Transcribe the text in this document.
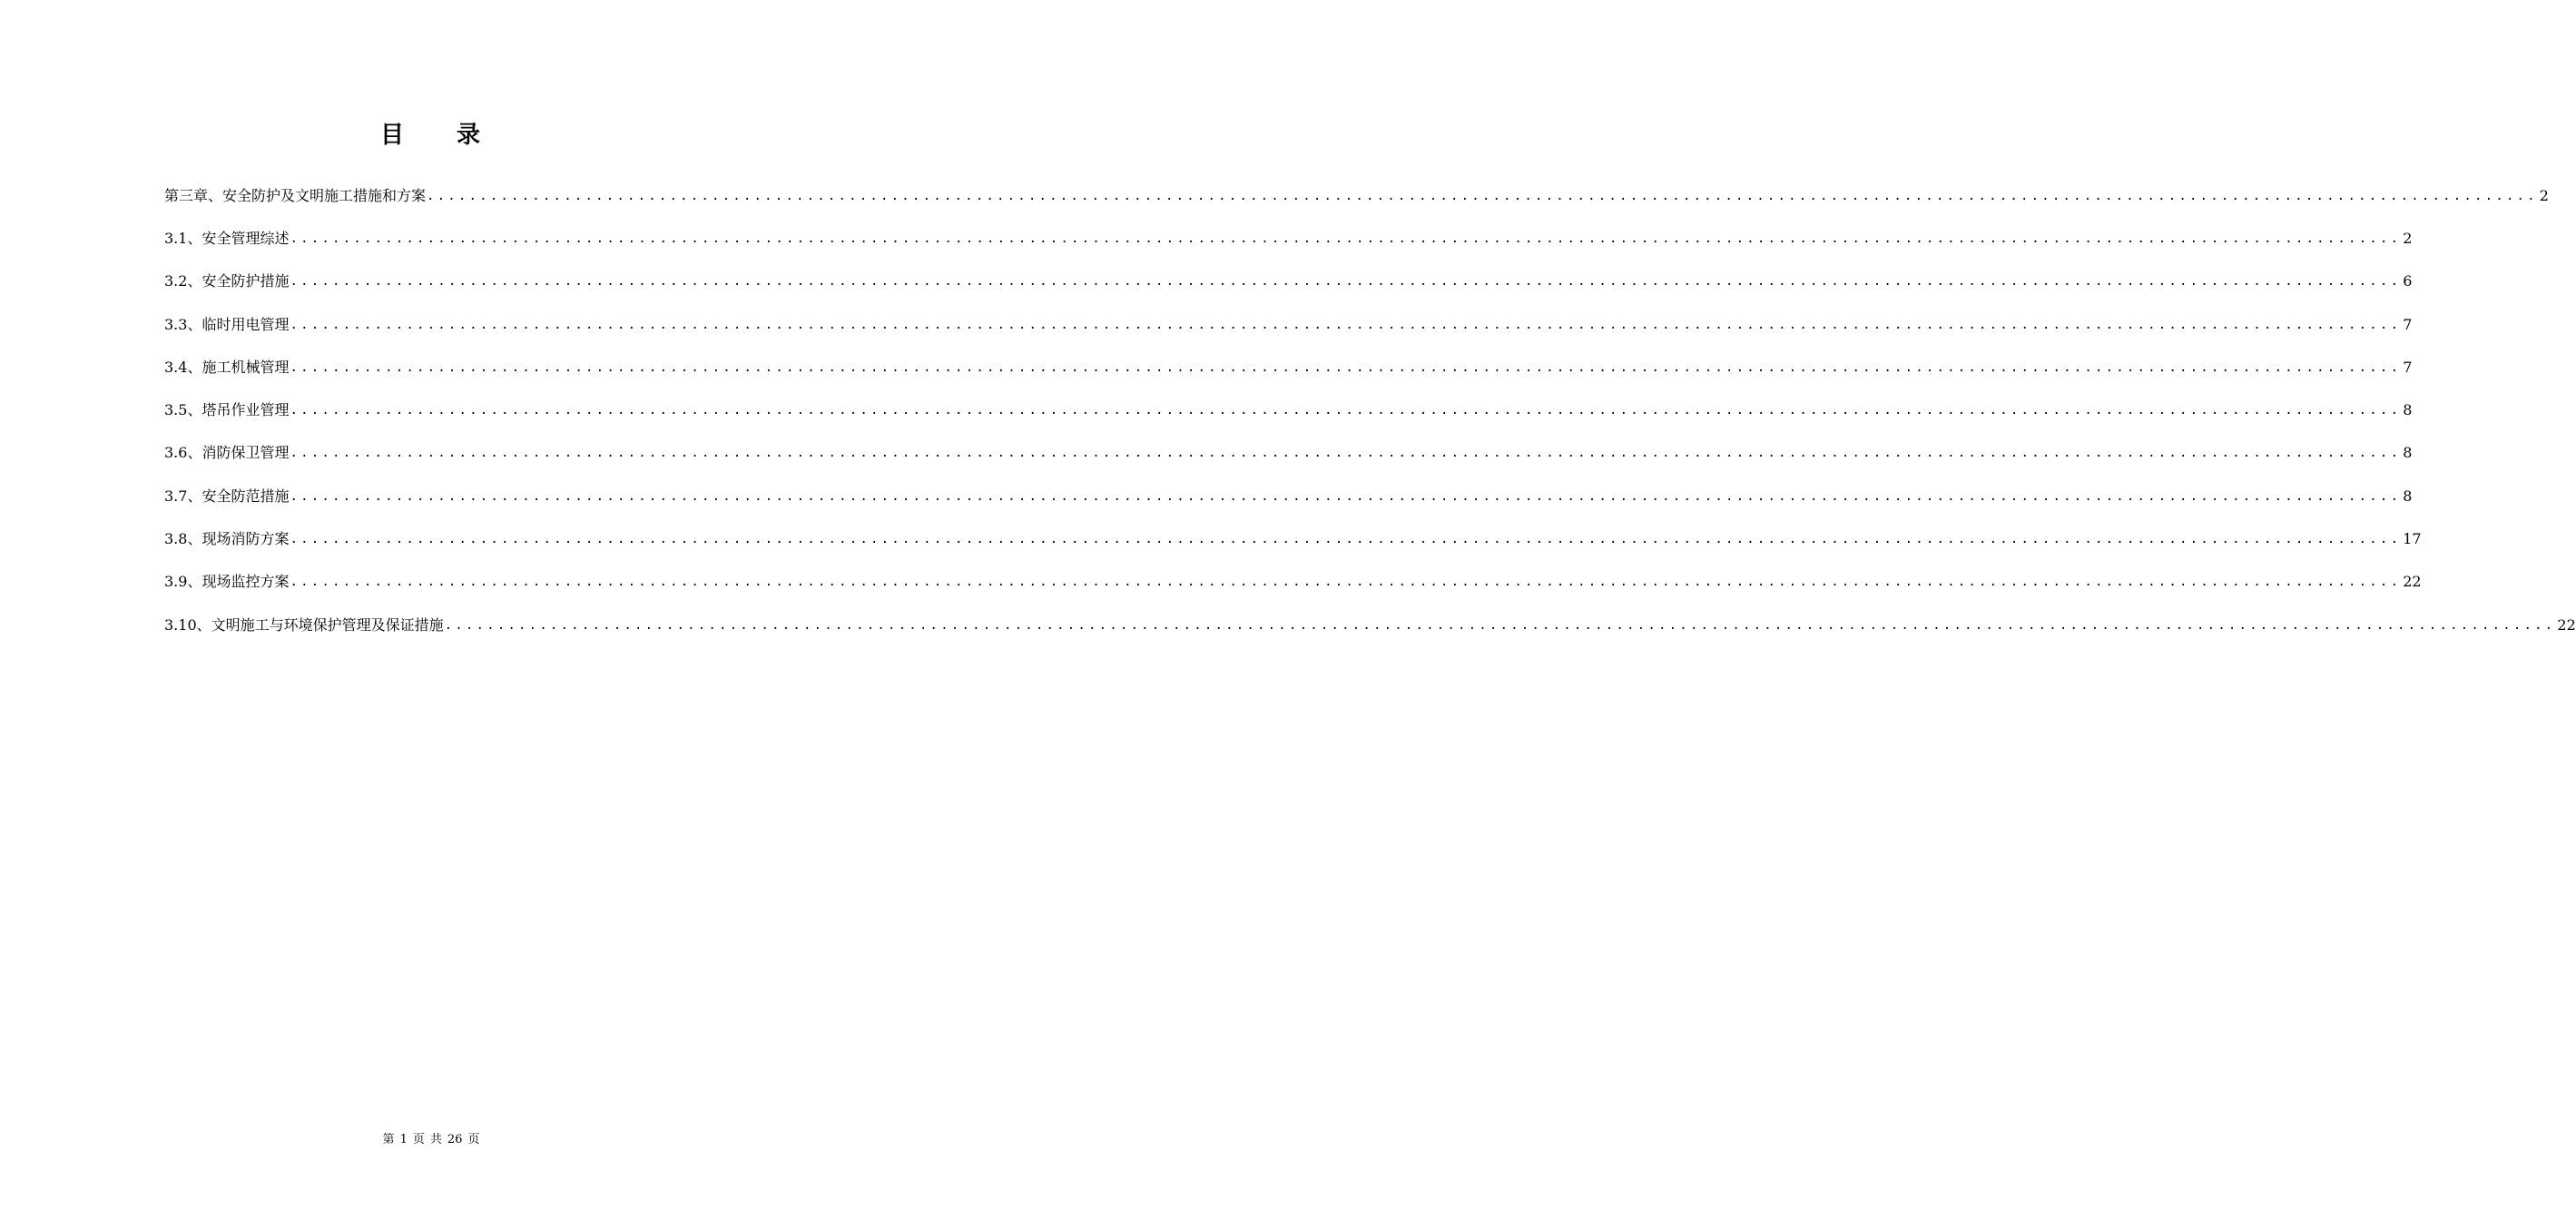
目 录
第三章、安全防护及文明施工措施和方案 ........................................................................................................................................................................................................ 2
3.1、安全管理综述 ........................................................................................................................................................................................................ 2
3.2、安全防护措施 ........................................................................................................................................................................................................ 6
3.3、临时用电管理 ........................................................................................................................................................................................................ 7
3.4、施工机械管理 ........................................................................................................................................................................................................ 7
3.5、塔吊作业管理 ........................................................................................................................................................................................................ 8
3.6、消防保卫管理 ........................................................................................................................................................................................................ 8
3.7、安全防范措施 ........................................................................................................................................................................................................ 8
3.8、现场消防方案 ........................................................................................................................................................................................................ 17
3.9、现场监控方案 ........................................................................................................................................................................................................ 22
3.10、文明施工与环境保护管理及保证措施 ........................................................................................................................................................................................................ 22
第 1 页 共 26 页
